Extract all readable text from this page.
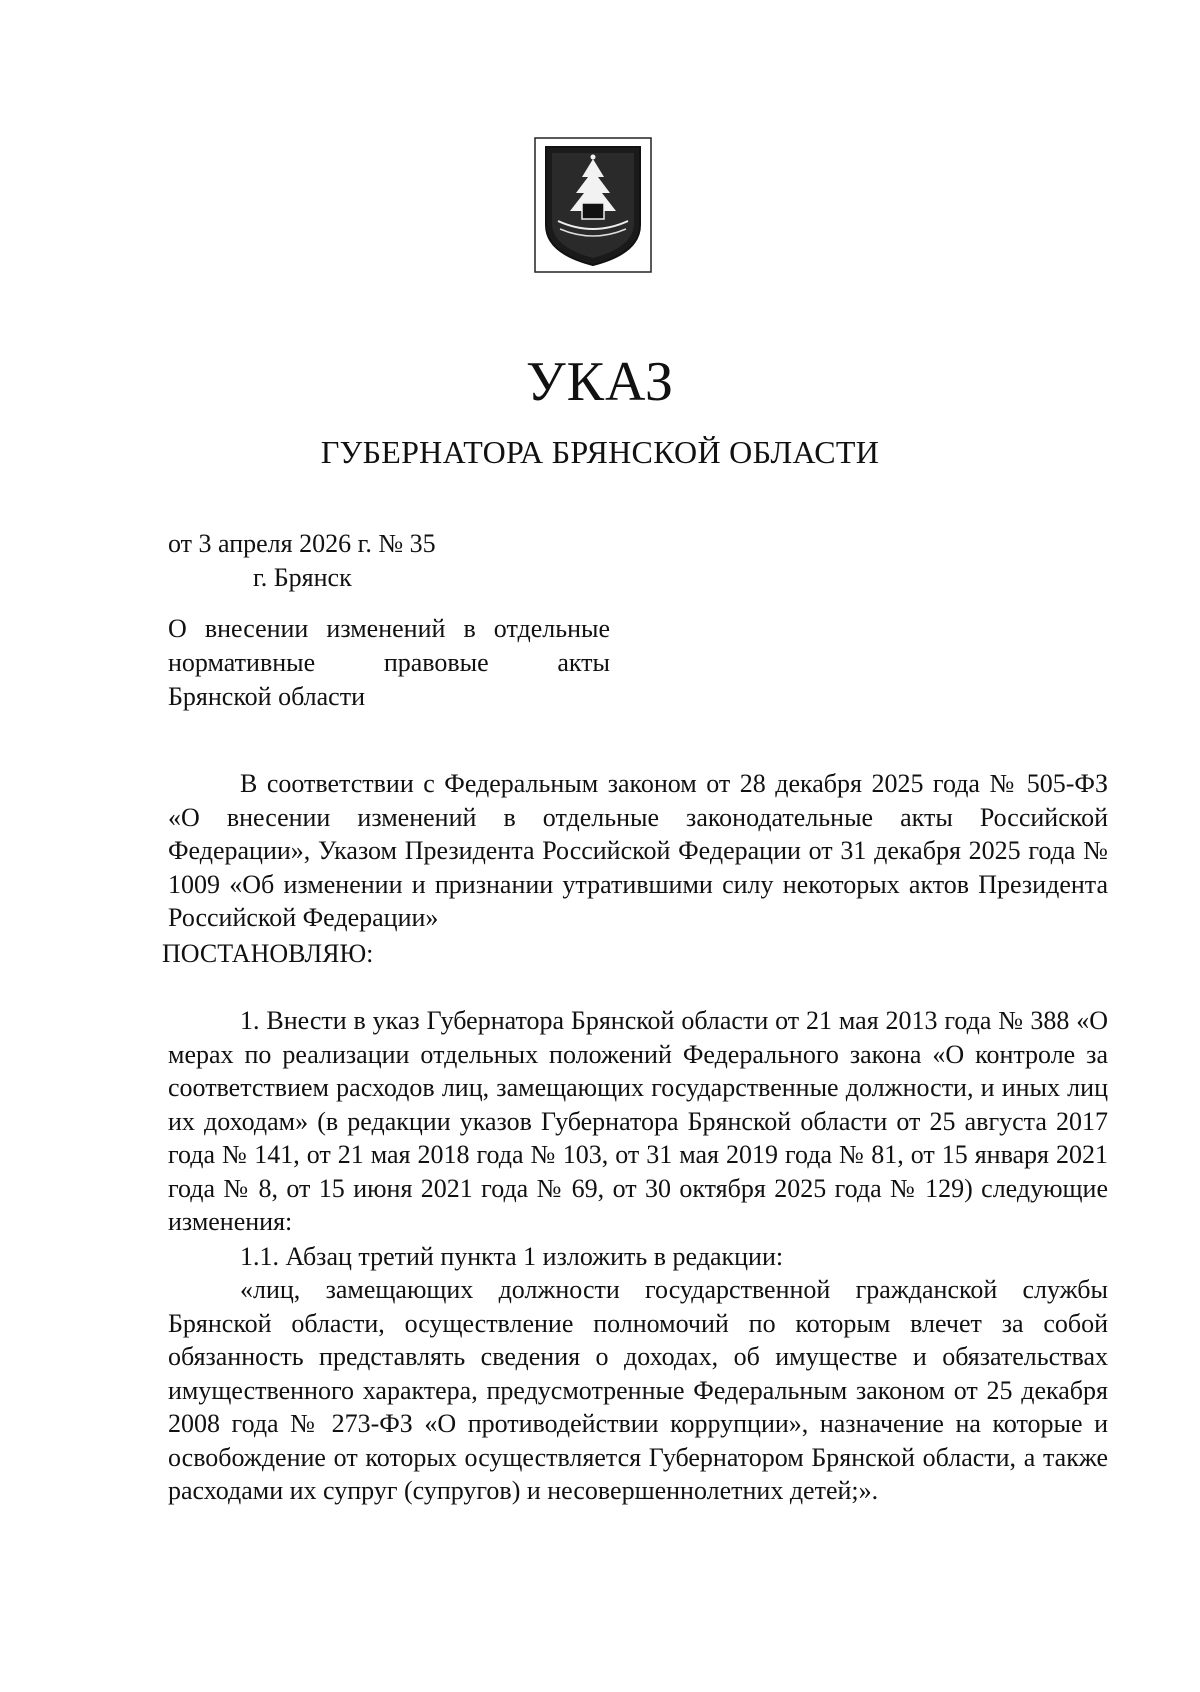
УКАЗ
ГУБЕРНАТОРА БРЯНСКОЙ ОБЛАСТИ
от 3 апреля 2026 г. № 35
г. Брянск
О внесении изменений в отдельные
нормативные правовые акты
Брянской области

В соответствии с Федеральным законом от 28 декабря 2025 года № 505-ФЗ «О внесении изменений в отдельные законодательные акты Российской Федерации», Указом Президента Российской Федерации от 31 декабря 2025 года № 1009 «Об изменении и признании утратившими силу некоторых актов Президента Российской Федерации»

ПОСТАНОВЛЯЮ:

1. Внести в указ Губернатора Брянской области от 21 мая 2013 года № 388 «О мерах по реализации отдельных положений Федерального закона «О контроле за соответствием расходов лиц, замещающих государственные должности, и иных лиц их доходам» (в редакции указов Губернатора Брянской области от 25 августа 2017 года № 141, от 21 мая 2018 года № 103, от 31 мая 2019 года № 81, от 15 января 2021 года № 8, от 15 июня 2021 года № 69, от 30 октября 2025 года № 129) следующие изменения:

1.1. Абзац третий пункта 1 изложить в редакции:

«лиц, замещающих должности государственной гражданской службы Брянской области, осуществление полномочий по которым влечет за собой обязанность представлять сведения о доходах, об имуществе и обязательствах имущественного характера, предусмотренные Федеральным законом от 25 декабря 2008 года № 273-ФЗ «О противодействии коррупции», назначение на которые и освобождение от которых осуществляется Губернатором Брянской области, а также расходами их супруг (супругов) и несовершеннолетних детей;».
